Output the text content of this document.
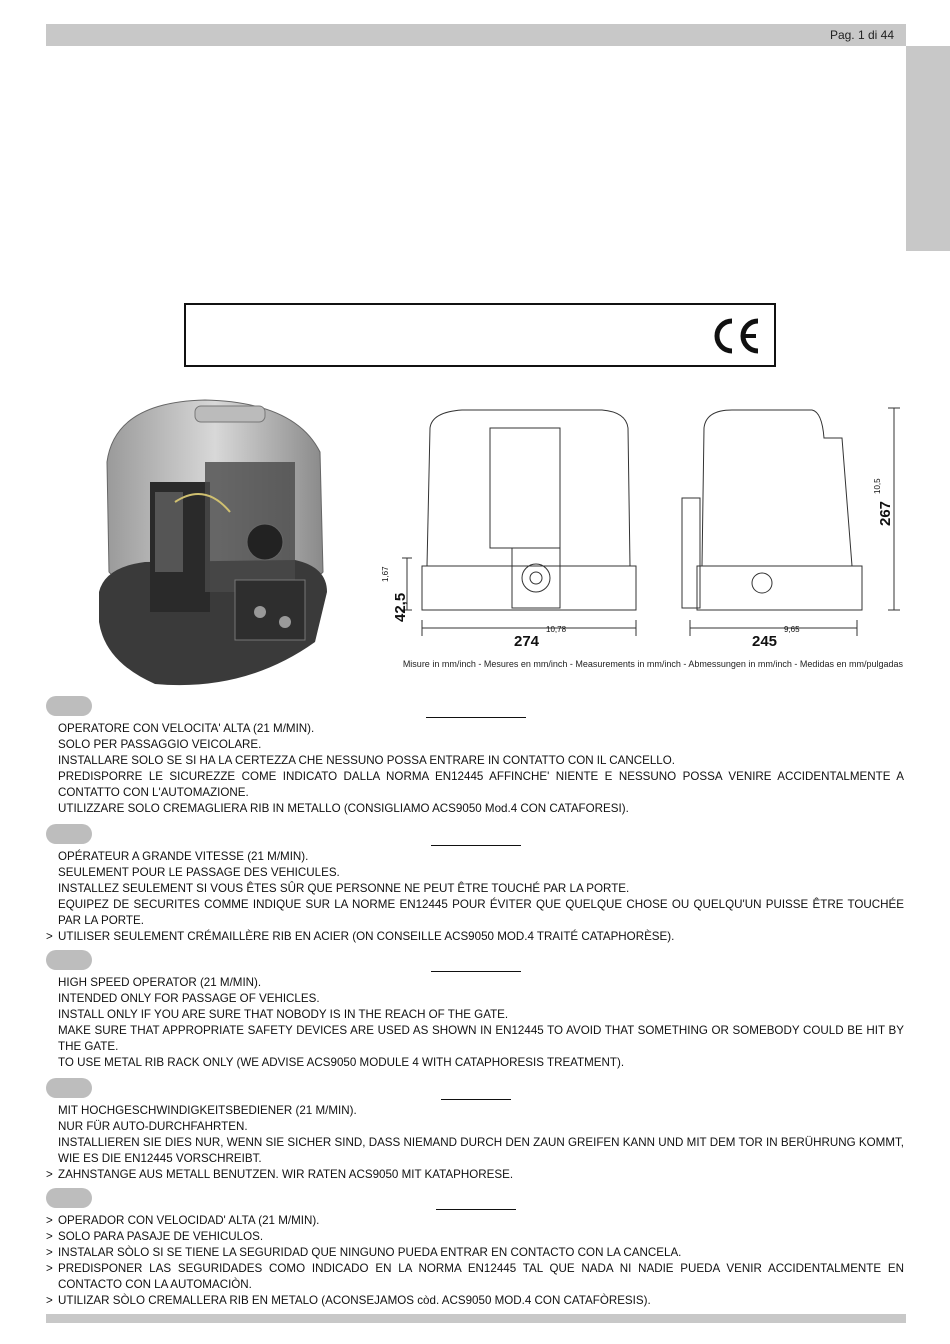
Pag. 1 di 44
274
10,78
245
9,65
42,5
1,67
267
10,5
Misure in mm/inch - Mesures en mm/inch - Measurements in mm/inch - Abmessungen in mm/inch - Medidas en mm/pulgadas
OPERATORE CON VELOCITA' ALTA (21 M/MIN).
SOLO PER PASSAGGIO VEICOLARE.
INSTALLARE SOLO SE SI HA LA CERTEZZA CHE NESSUNO POSSA ENTRARE IN CONTATTO CON IL CANCELLO.
PREDISPORRE LE SICUREZZE COME INDICATO DALLA NORMA EN12445 AFFINCHE' NIENTE E NESSUNO POSSA VENIRE ACCIDENTALMENTE A CONTATTO CON L'AUTOMAZIONE.
UTILIZZARE SOLO CREMAGLIERA RIB IN METALLO (CONSIGLIAMO ACS9050 Mod.4 CON CATAFORESI).
OPÉRATEUR A GRANDE VITESSE (21 M/MIN).
SEULEMENT POUR LE PASSAGE DES VEHICULES.
INSTALLEZ SEULEMENT SI VOUS ÊTES SÛR QUE PERSONNE NE PEUT ÊTRE TOUCHÉ PAR LA PORTE.
EQUIPEZ DE SECURITES COMME INDIQUE SUR LA NORME EN12445 POUR ÉVITER QUE QUELQUE CHOSE OU QUELQU'UN PUISSE ÊTRE TOUCHÉE PAR LA PORTE.
> UTILISER SEULEMENT CRÉMAILLÈRE RIB EN ACIER (ON CONSEILLE ACS9050 MOD.4 TRAITÉ CATAPHORÈSE).
HIGH SPEED OPERATOR (21 M/MIN).
INTENDED ONLY FOR PASSAGE OF VEHICLES.
INSTALL ONLY IF YOU ARE SURE THAT NOBODY IS IN THE REACH OF THE GATE.
MAKE SURE THAT APPROPRIATE SAFETY DEVICES ARE USED AS SHOWN IN EN12445 TO AVOID THAT SOMETHING OR SOMEBODY COULD BE HIT BY THE GATE.
TO USE METAL RIB RACK ONLY (WE ADVISE ACS9050 MODULE 4 WITH CATAPHORESIS TREATMENT).
MIT HOCHGESCHWINDIGKEITSBEDIENER (21 M/MIN).
NUR FÜR AUTO-DURCHFAHRTEN.
INSTALLIEREN SIE DIES NUR, WENN SIE SICHER SIND, DASS NIEMAND DURCH DEN ZAUN GREIFEN KANN UND MIT DEM TOR IN BERÜHRUNG KOMMT, WIE ES DIE EN12445 VORSCHREIBT.
> ZAHNSTANGE AUS METALL BENUTZEN. WIR RATEN ACS9050 MIT KATAPHORESE.
> OPERADOR CON VELOCIDAD' ALTA (21 M/MIN).
> SOLO PARA PASAJE DE VEHICULOS.
> INSTALAR SÒLO SI SE TIENE LA SEGURIDAD QUE NINGUNO PUEDA ENTRAR EN CONTACTO CON LA CANCELA.
> PREDISPONER LAS SEGURIDADES COMO INDICADO EN LA NORMA EN12445 TAL QUE NADA NI NADIE PUEDA VENIR ACCIDENTALMENTE EN CONTACTO CON LA AUTOMACIÒN.
> UTILIZAR SÒLO CREMALLERA RIB EN METALO (ACONSEJAMOS còd. ACS9050 MOD.4 CON CATAFÒRESIS).
